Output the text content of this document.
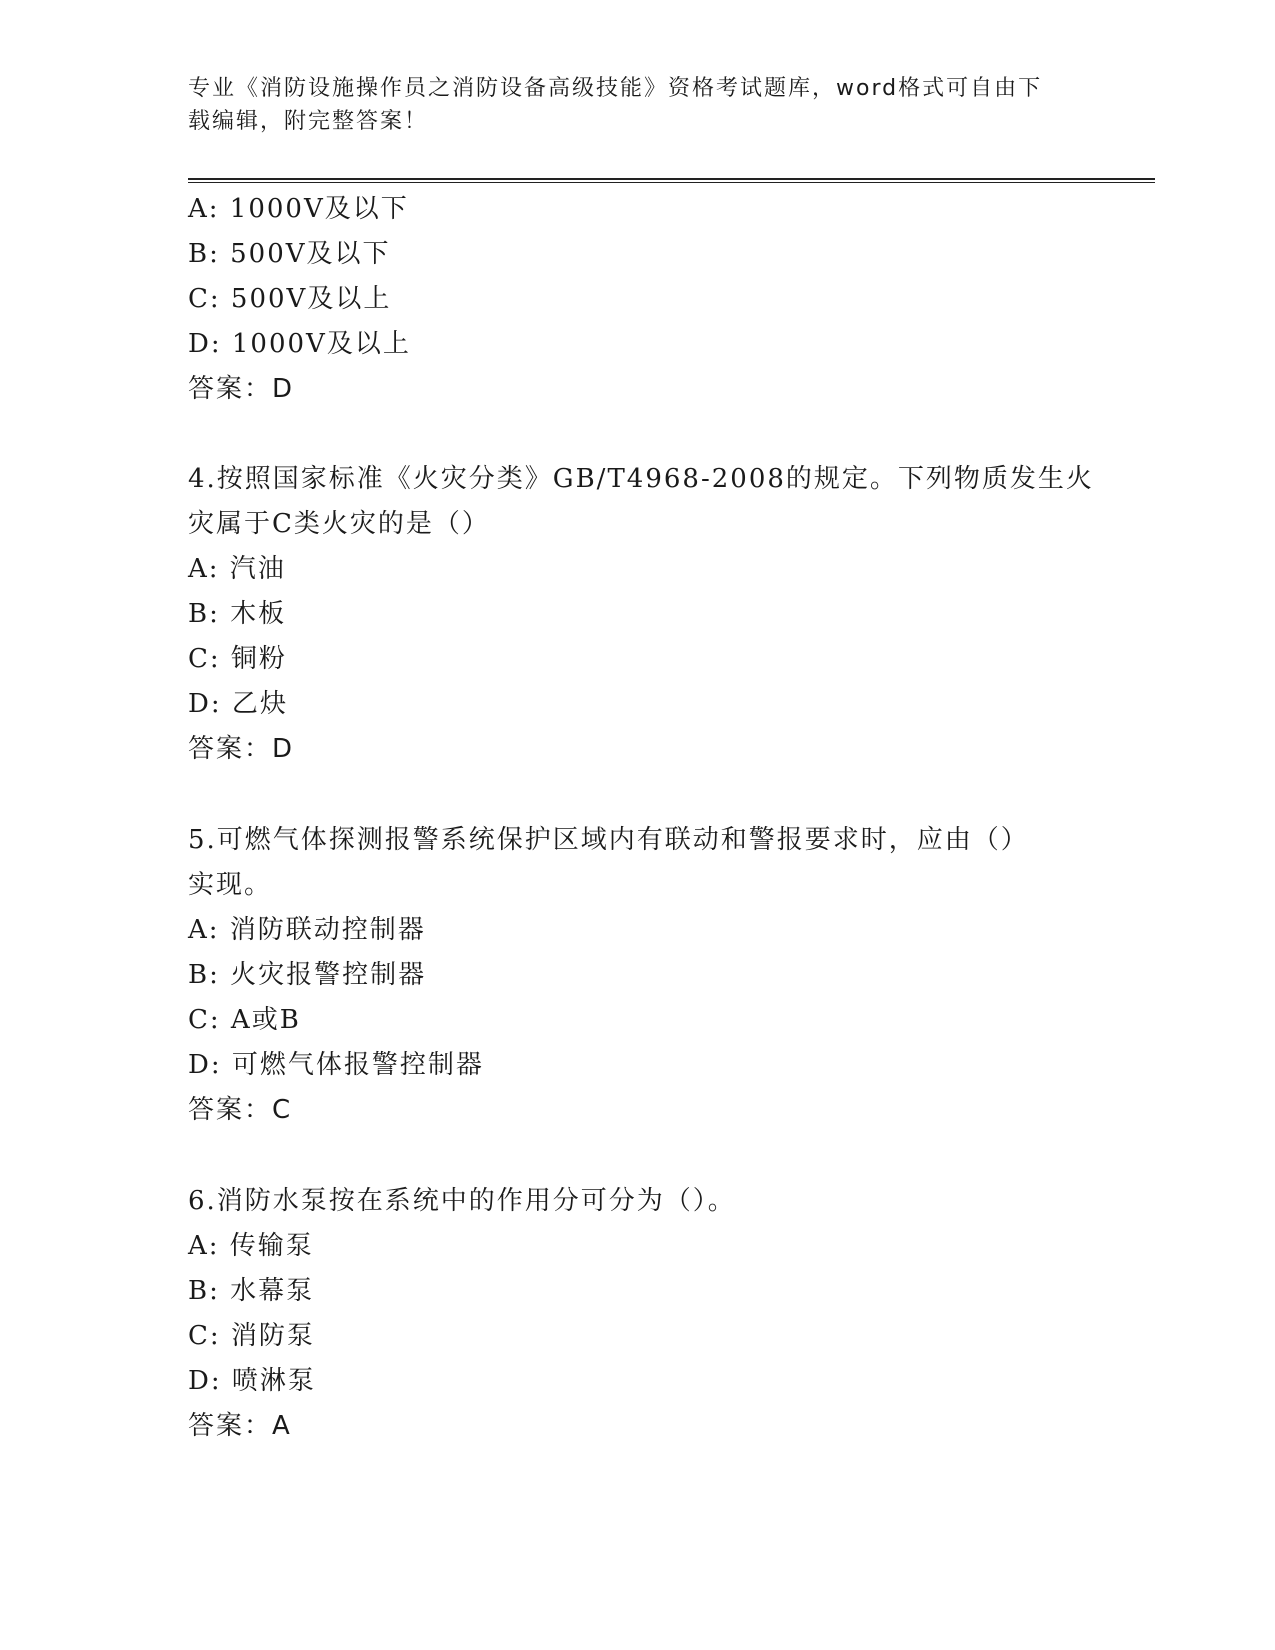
专业《消防设施操作员之消防设备高级技能》资格考试题库，word格式可自由下
载编辑，附完整答案！
A: 1000V及以下
B: 500V及以下
C: 500V及以上
D: 1000V及以上
答案：D
4.按照国家标准《火灾分类》GB/T4968-2008的规定。下列物质发生火
灾属于C类火灾的是（）
A: 汽油
B: 木板
C: 铜粉
D: 乙炔
答案：D
5.可燃气体探测报警系统保护区域内有联动和警报要求时，应由（）
实现。
A: 消防联动控制器
B: 火灾报警控制器
C: A或B
D: 可燃气体报警控制器
答案：C
6.消防水泵按在系统中的作用分可分为（）。
A: 传输泵
B: 水幕泵
C: 消防泵
D: 喷淋泵
答案：A
